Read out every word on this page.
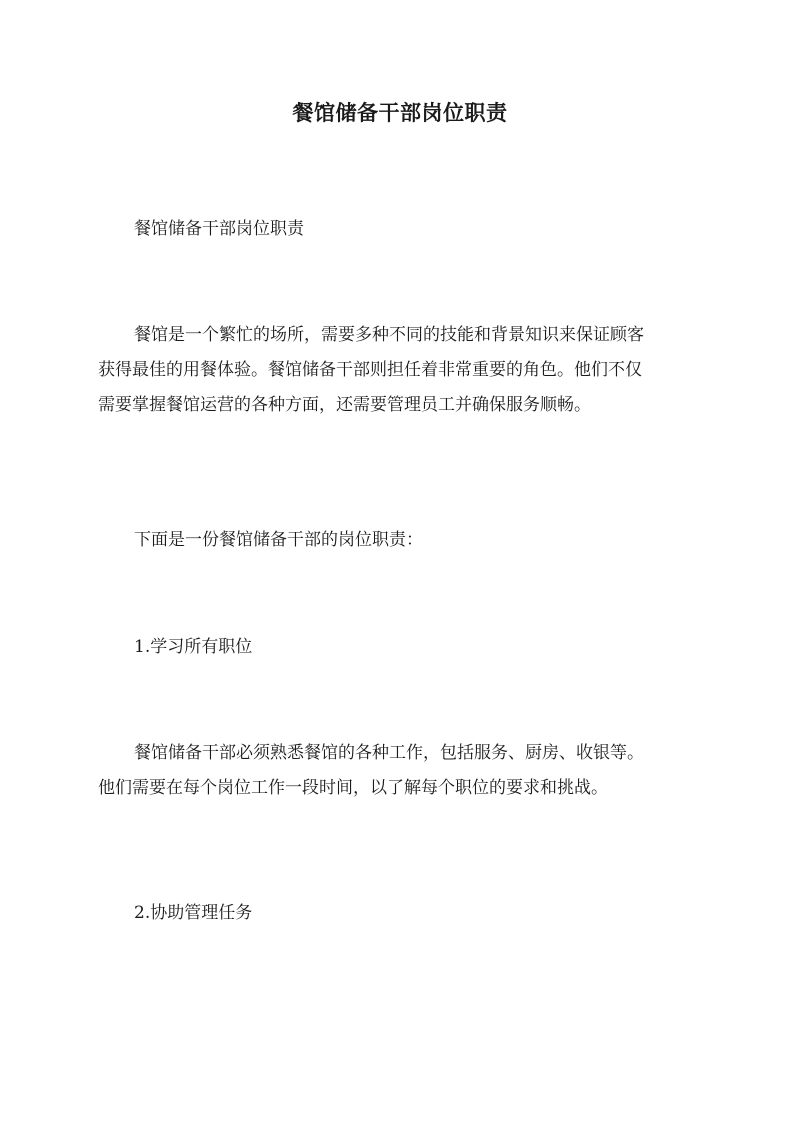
餐馆储备干部岗位职责

餐馆储备干部岗位职责

餐馆是一个繁忙的场所，需要多种不同的技能和背景知识来保证顾客
获得最佳的用餐体验。餐馆储备干部则担任着非常重要的角色。他们不仅
需要掌握餐馆运营的各种方面，还需要管理员工并确保服务顺畅。

下面是一份餐馆储备干部的岗位职责：

1.学习所有职位

餐馆储备干部必须熟悉餐馆的各种工作，包括服务、厨房、收银等。
他们需要在每个岗位工作一段时间，以了解每个职位的要求和挑战。

2.协助管理任务
